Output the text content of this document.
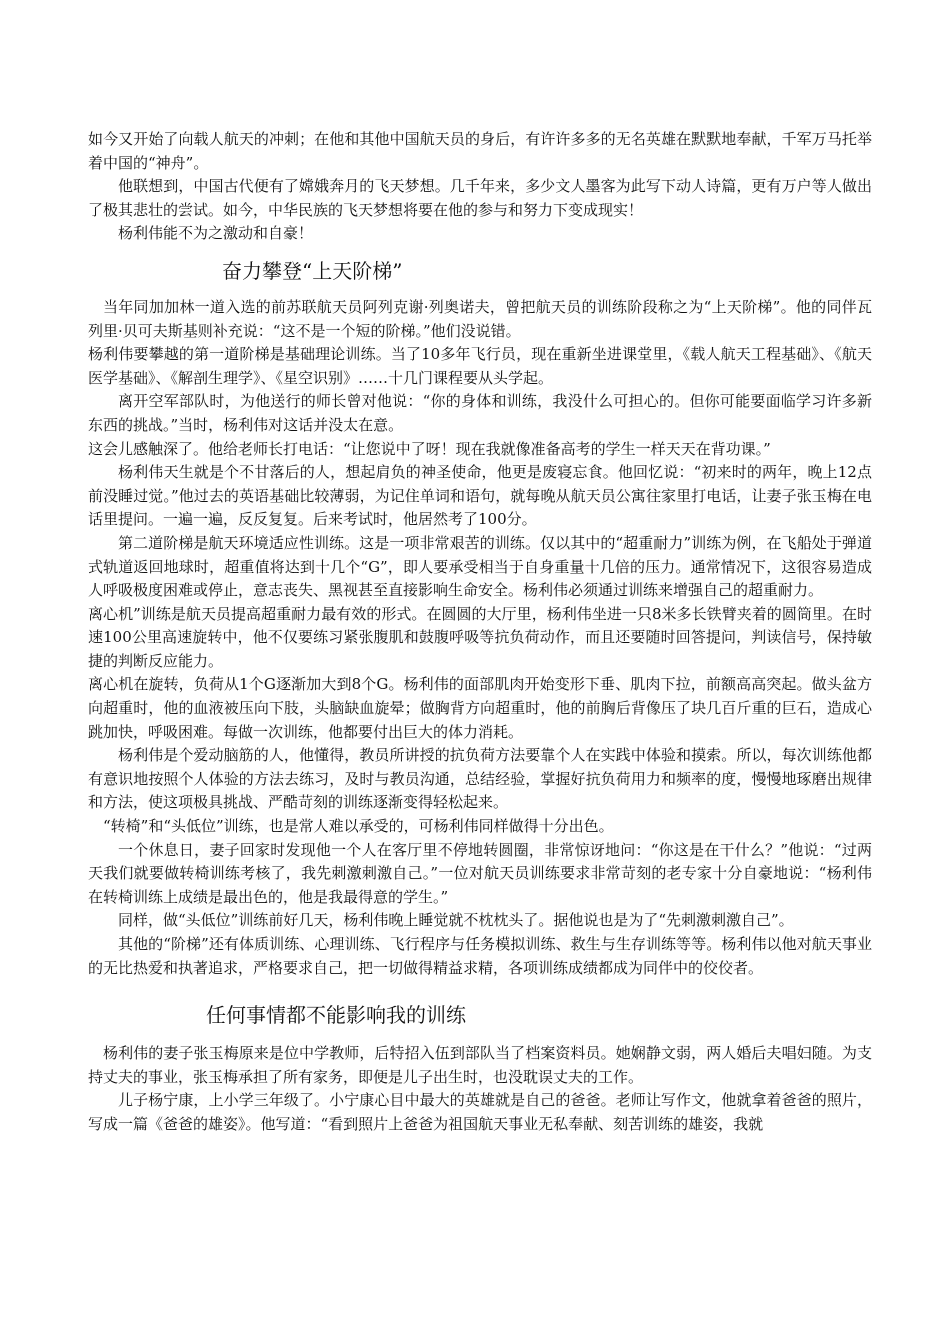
如今又开始了向载人航天的冲刺；在他和其他中国航天员的身后，有许许多多的无名英雄在默默地奉献，千军万马托举着中国的“神舟”。

他联想到，中国古代便有了嫦娥奔月的飞天梦想。几千年来，多少文人墨客为此写下动人诗篇，更有万户等人做出了极其悲壮的尝试。如今，中华民族的飞天梦想将要在他的参与和努力下变成现实！

杨利伟能不为之激动和自豪！

奋力攀登“上天阶梯”

当年同加加林一道入选的前苏联航天员阿列克谢·列奥诺夫，曾把航天员的训练阶段称之为“上天阶梯”。他的同伴瓦列里·贝可夫斯基则补充说：“这不是一个短的阶梯。”他们没说错。

杨利伟要攀越的第一道阶梯是基础理论训练。当了10多年飞行员，现在重新坐进课堂里，《载人航天工程基础》、《航天医学基础》、《解剖生理学》、《星空识别》……十几门课程要从头学起。

离开空军部队时，为他送行的师长曾对他说：“你的身体和训练，我没什么可担心的。但你可能要面临学习许多新东西的挑战。”当时，杨利伟对这话并没太在意。

这会儿感触深了。他给老师长打电话：“让您说中了呀！现在我就像准备高考的学生一样天天在背功课。”

杨利伟天生就是个不甘落后的人，想起肩负的神圣使命，他更是废寝忘食。他回忆说：“初来时的两年，晚上12点前没睡过觉。”他过去的英语基础比较薄弱，为记住单词和语句，就每晚从航天员公寓往家里打电话，让妻子张玉梅在电话里提问。一遍一遍，反反复复。后来考试时，他居然考了100分。

第二道阶梯是航天环境适应性训练。这是一项非常艰苦的训练。仅以其中的“超重耐力”训练为例，在飞船处于弹道式轨道返回地球时，超重值将达到十几个“G”，即人要承受相当于自身重量十几倍的压力。通常情况下，这很容易造成人呼吸极度困难或停止，意志丧失、黑视甚至直接影响生命安全。杨利伟必须通过训练来增强自己的超重耐力。

离心机”训练是航天员提高超重耐力最有效的形式。在圆圆的大厅里，杨利伟坐进一只8米多长铁臂夹着的圆筒里。在时速100公里高速旋转中，他不仅要练习紧张腹肌和鼓腹呼吸等抗负荷动作，而且还要随时回答提问，判读信号，保持敏捷的判断反应能力。

离心机在旋转，负荷从1个G逐渐加大到8个G。杨利伟的面部肌肉开始变形下垂、肌肉下拉，前额高高突起。做头盆方向超重时，他的血液被压向下肢，头脑缺血旋晕；做胸背方向超重时，他的前胸后背像压了块几百斤重的巨石，造成心跳加快，呼吸困难。每做一次训练，他都要付出巨大的体力消耗。

杨利伟是个爱动脑筋的人，他懂得，教员所讲授的抗负荷方法要靠个人在实践中体验和摸索。所以，每次训练他都有意识地按照个人体验的方法去练习，及时与教员沟通，总结经验，掌握好抗负荷用力和频率的度，慢慢地琢磨出规律和方法，使这项极具挑战、严酷苛刻的训练逐渐变得轻松起来。

“转椅”和“头低位”训练，也是常人难以承受的，可杨利伟同样做得十分出色。

一个休息日，妻子回家时发现他一个人在客厅里不停地转圆圈，非常惊讶地问：“你这是在干什么？”他说：“过两天我们就要做转椅训练考核了，我先刺激刺激自己。”一位对航天员训练要求非常苛刻的老专家十分自豪地说：“杨利伟在转椅训练上成绩是最出色的，他是我最得意的学生。”

同样，做“头低位”训练前好几天，杨利伟晚上睡觉就不枕枕头了。据他说也是为了“先刺激刺激自己”。

其他的“阶梯”还有体质训练、心理训练、飞行程序与任务模拟训练、救生与生存训练等等。杨利伟以他对航天事业的无比热爱和执著追求，严格要求自己，把一切做得精益求精，各项训练成绩都成为同伴中的佼佼者。

任何事情都不能影响我的训练

杨利伟的妻子张玉梅原来是位中学教师，后特招入伍到部队当了档案资料员。她娴静文弱，两人婚后夫唱妇随。为支持丈夫的事业，张玉梅承担了所有家务，即便是儿子出生时，也没耽误丈夫的工作。

儿子杨宁康，上小学三年级了。小宁康心目中最大的英雄就是自己的爸爸。老师让写作文，他就拿着爸爸的照片，写成一篇《爸爸的雄姿》。他写道：“看到照片上爸爸为祖国航天事业无私奉献、刻苦训练的雄姿，我就
